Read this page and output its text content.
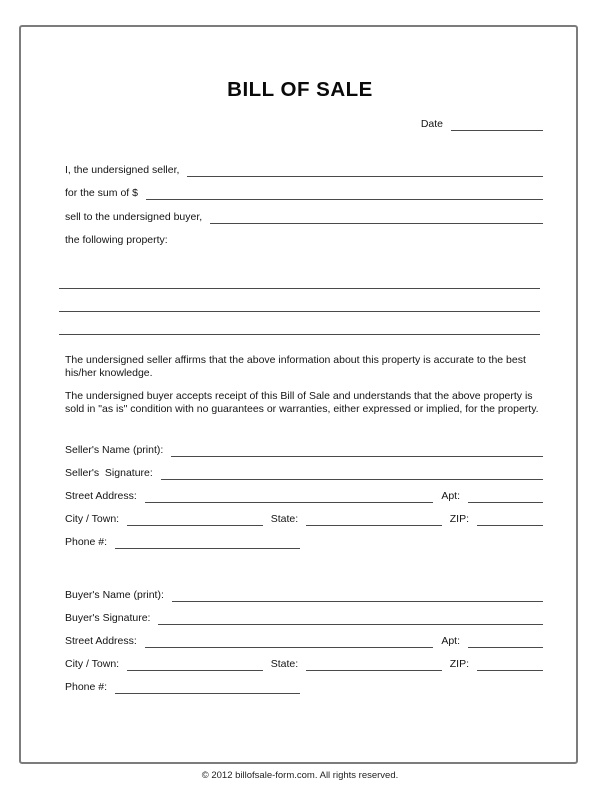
BILL OF SALE
Date
I, the undersigned seller,
for the sum of $
sell to the undersigned buyer,
the following property:
The undersigned seller affirms that the above information about this property is accurate to the best his/her knowledge.
The undersigned buyer accepts receipt of this Bill of Sale and understands that the above property is sold in "as is" condition with no guarantees or warranties, either expressed or implied, for the property.
Seller's Name (print):
Seller's  Signature:
Street Address:	Apt:
City / Town:	State:	ZIP:
Phone #:
Buyer's Name (print):
Buyer's Signature:
Street Address:	Apt:
City / Town:	State:	ZIP:
Phone #:
© 2012 billofsale-form.com. All rights reserved.
